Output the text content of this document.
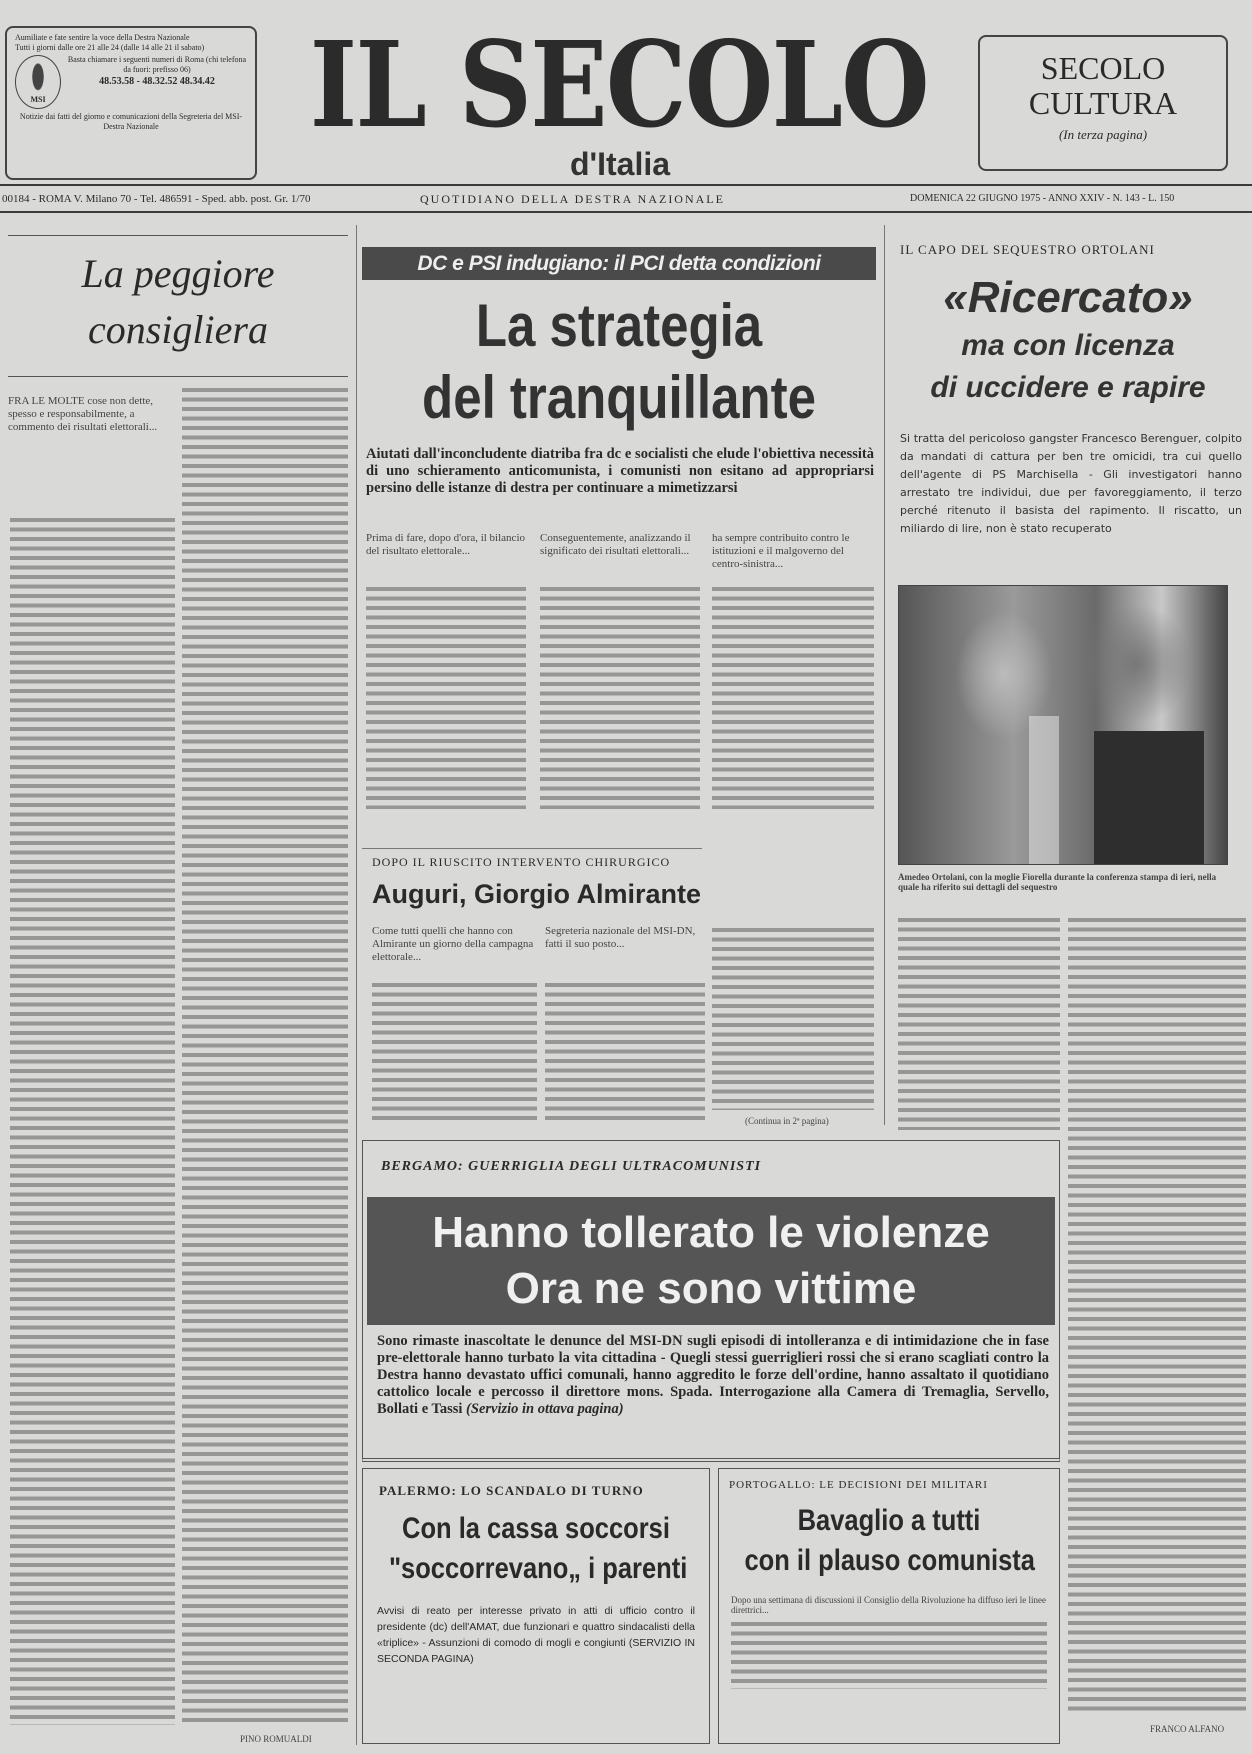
Aumiliate e fate sentire la voce della Destra Nazionale
Tutti i giorni dalle ore 21 alle 24 (dalle 14 alle 21 il sabato)
MSI
Basta chiamare i seguenti numeri di Roma (chi telefona da fuori: prefisso 06)
48.53.58 - 48.32.52 48.34.42
Notizie dai fatti del giorno e comunicazioni della Segreteria del MSI-Destra Nazionale	IL SECOLO
d'Italia
SECOLO
CULTURA
(In terza pagina)
00184 - ROMA V. Milano 70 - Tel. 486591 - Sped. abb. post. Gr. 1/70	QUOTIDIANO DELLA DESTRA NAZIONALE	DOMENICA 22 GIUGNO 1975 - ANNO XXIV - N. 143 - L. 150
La peggiore
consigliera
FRA LE MOLTE cose non dette, spesso e responsabilmente, a commento dei risultati elettorali...
PINO ROMUALDI
DC e PSI indugiano: il PCI detta condizioni
La strategia
del tranquillante
Aiutati dall'inconcludente diatriba fra dc e socialisti che elude l'obiettiva necessità di uno schieramento anticomunista, i comunisti non esitano ad appropriarsi persino delle istanze di destra per continuare a mimetizzarsi
Prima di fare, dopo d'ora, il bilancio del risultato elettorale...
Conseguentemente, analizzando il significato dei risultati elettorali...
ha sempre contribuito contro le istituzioni e il malgoverno del centro-sinistra...
DOPO IL RIUSCITO INTERVENTO CHIRURGICO
Auguri, Giorgio Almirante
Come tutti quelli che hanno con Almirante un giorno della campagna elettorale...
Segreteria nazionale del MSI-DN, fatti il suo posto...
(Continua in 2ª pagina)
IL CAPO DEL SEQUESTRO ORTOLANI
«Ricercato»
ma con licenza
di uccidere e rapire
Si tratta del pericoloso gangster Francesco Berenguer, colpito da mandati di cattura per ben tre omicidi, tra cui quello dell'agente di PS Marchisella - Gli investigatori hanno arrestato tre individui, due per favoreggiamento, il terzo perché ritenuto il basista del rapimento. Il riscatto, un miliardo di lire, non è stato recuperato
Amedeo Ortolani, con la moglie Fiorella durante la conferenza stampa di ieri, nella quale ha riferito sui dettagli del sequestro
FRANCO ALFANO
BERGAMO: GUERRIGLIA DEGLI ULTRACOMUNISTI
Hanno tollerato le violenze
Ora ne sono vittime
Sono rimaste inascoltate le denunce del MSI-DN sugli episodi di intolleranza e di intimidazione che in fase pre-elettorale hanno turbato la vita cittadina - Quegli stessi guerriglieri rossi che si erano scagliati contro la Destra hanno devastato uffici comunali, hanno aggredito le forze dell'ordine, hanno assaltato il quotidiano cattolico locale e percosso il direttore mons. Spada. Interrogazione alla Camera di Tremaglia, Servello, Bollati e Tassi (Servizio in ottava pagina)
PALERMO: LO SCANDALO DI TURNO
Con la cassa soccorsi
"soccorrevano„ i parenti
Avvisi di reato per interesse privato in atti di ufficio contro il presidente (dc) dell'AMAT, due funzionari e quattro sindacalisti della «triplice» - Assunzioni di comodo di mogli e congiunti (SERVIZIO IN SECONDA PAGINA)
PORTOGALLO: LE DECISIONI DEI MILITARI
Bavaglio a tutti
con il plauso comunista
Dopo una settimana di discussioni il Consiglio della Rivoluzione ha diffuso ieri le linee direttrici...
